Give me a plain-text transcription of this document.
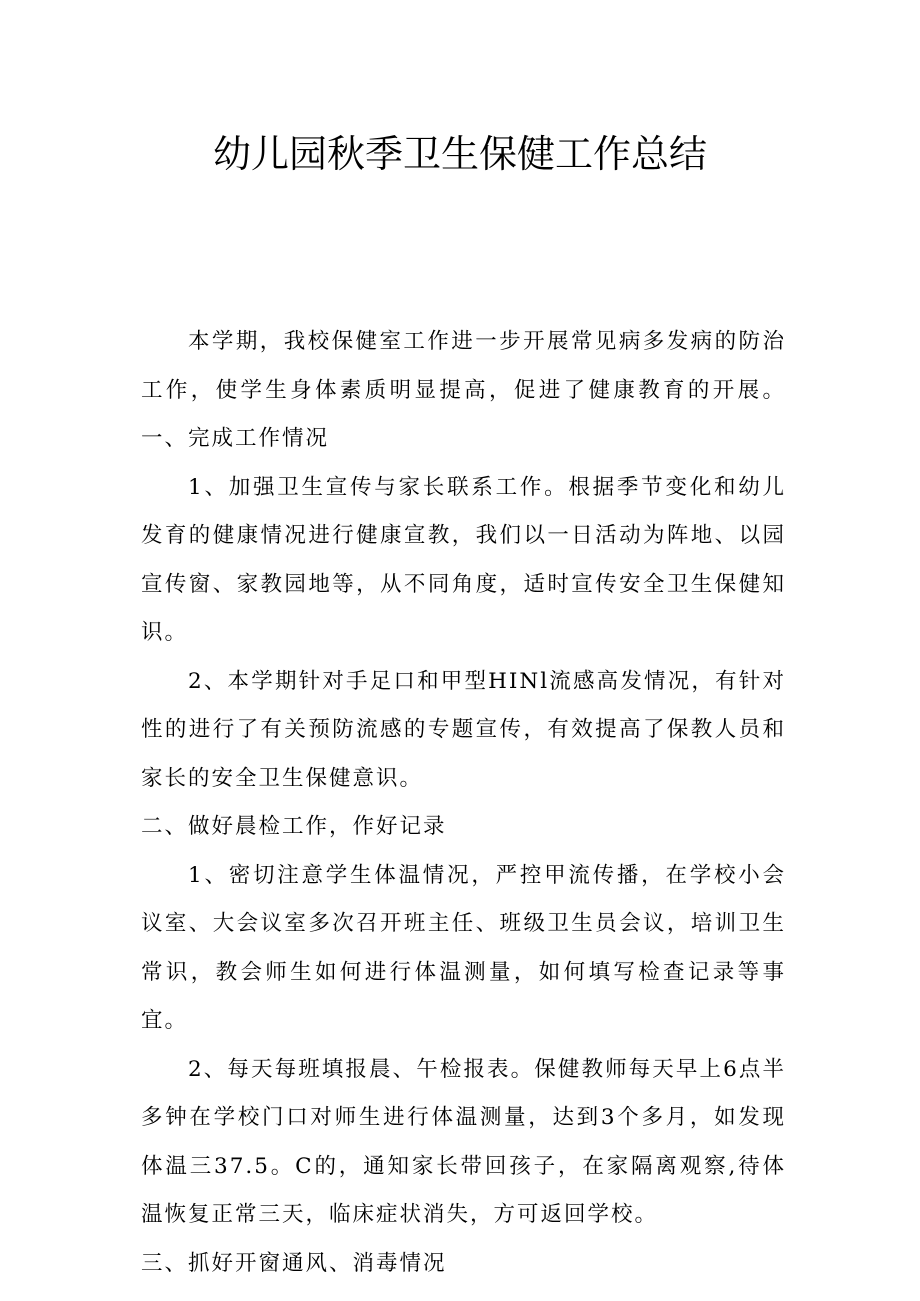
幼儿园秋季卫生保健工作总结

本学期，我校保健室工作进一步开展常见病多发病的防治工作，使学生身体素质明显提高，促进了健康教育的开展。一、完成工作情况

1、加强卫生宣传与家长联系工作。根据季节变化和幼儿发育的健康情况进行健康宣教，我们以一日活动为阵地、以园宣传窗、家教园地等，从不同角度，适时宣传安全卫生保健知识。

2、本学期针对手足口和甲型HINl流感高发情况，有针对性的进行了有关预防流感的专题宣传，有效提高了保教人员和家长的安全卫生保健意识。

二、做好晨检工作，作好记录

1、密切注意学生体温情况，严控甲流传播，在学校小会议室、大会议室多次召开班主任、班级卫生员会议，培训卫生常识，教会师生如何进行体温测量，如何填写检查记录等事宜。

2、每天每班填报晨、午检报表。保健教师每天早上6点半多钟在学校门口对师生进行体温测量，达到3个多月，如发现体温三37.5。C的，通知家长带回孩子，在家隔离观察,待体温恢复正常三天，临床症状消失，方可返回学校。

三、抓好开窗通风、消毒情况
